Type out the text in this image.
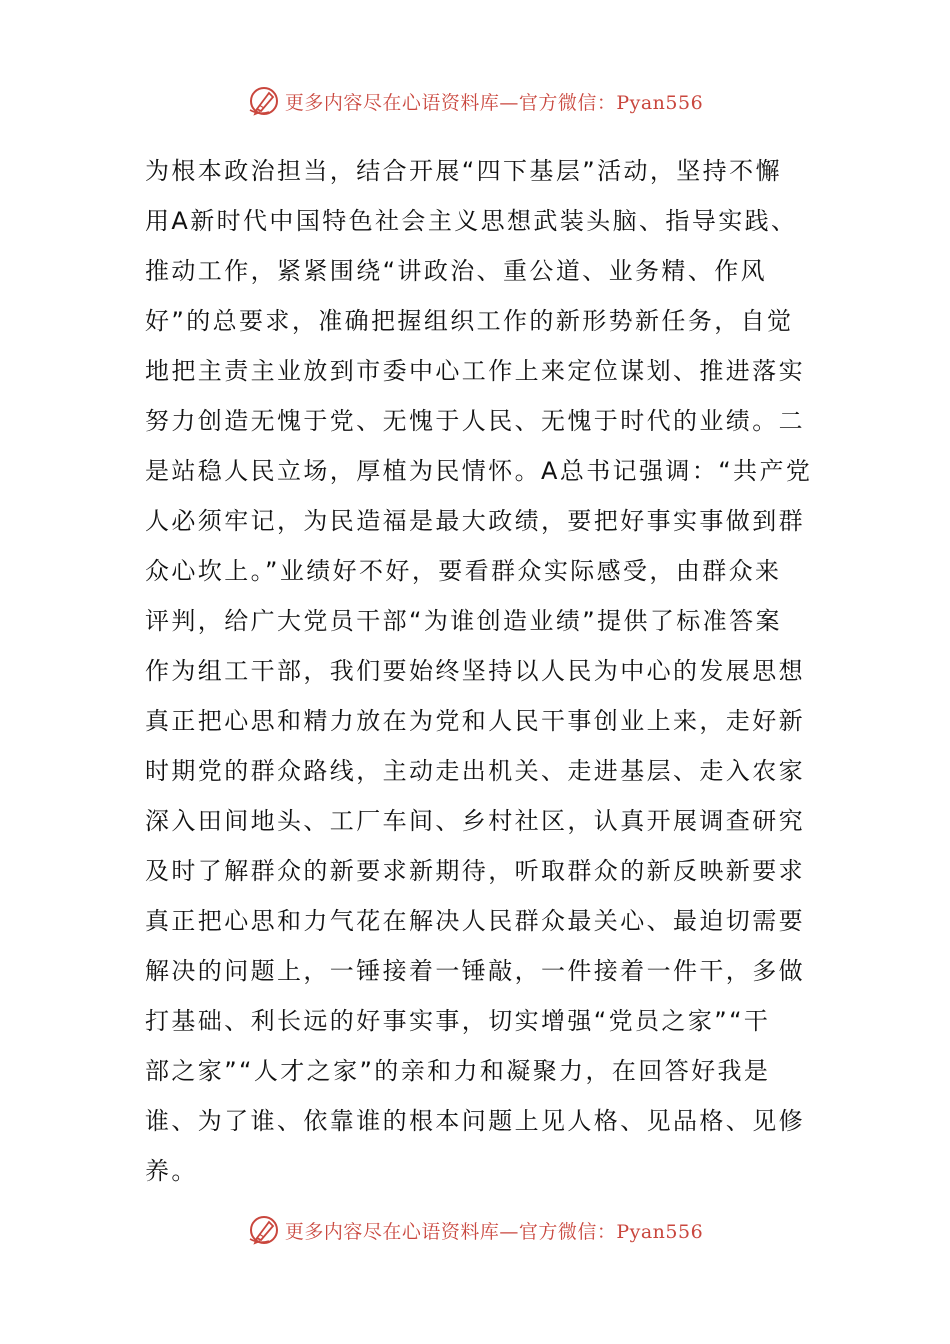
更多内容尽在心语资料库—官方微信：Pyan556
为根本政治担当，结合开展“四下基层”活动，坚持不懈
用A新时代中国特色社会主义思想武装头脑、指导实践、
推动工作，紧紧围绕“讲政治、重公道、业务精、作风
好”的总要求，准确把握组织工作的新形势新任务，自觉
地把主责主业放到市委中心工作上来定位谋划、推进落实
努力创造无愧于党、无愧于人民、无愧于时代的业绩。二
是站稳人民立场，厚植为民情怀。A总书记强调：“共产党
人必须牢记，为民造福是最大政绩，要把好事实事做到群
众心坎上。”业绩好不好，要看群众实际感受，由群众来
评判，给广大党员干部“为谁创造业绩”提供了标准答案
作为组工干部，我们要始终坚持以人民为中心的发展思想
真正把心思和精力放在为党和人民干事创业上来，走好新
时期党的群众路线，主动走出机关、走进基层、走入农家
深入田间地头、工厂车间、乡村社区，认真开展调查研究
及时了解群众的新要求新期待，听取群众的新反映新要求
真正把心思和力气花在解决人民群众最关心、最迫切需要
解决的问题上，一锤接着一锤敲，一件接着一件干，多做
打基础、利长远的好事实事，切实增强“党员之家”“干
部之家”“人才之家”的亲和力和凝聚力，在回答好我是
谁、为了谁、依靠谁的根本问题上见人格、见品格、见修
养。
更多内容尽在心语资料库—官方微信：Pyan556
